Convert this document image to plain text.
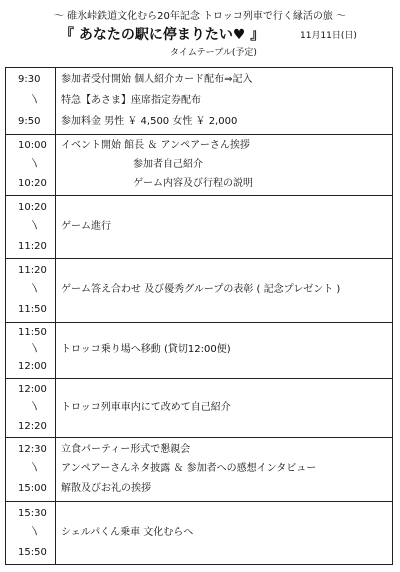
～ 碓氷峠鉄道文化むら20年記念 トロッコ列車で行く縁活の旅 ～
『 あなたの駅に停まりたい♥ 』	11月11日(日)
タイムテーブル(予定)
9:30
〵
9:50
参加者受付開始 個人紹介カード配布⇒記入
特急【あさま】座席指定券配布
参加料金 男性 ￥ 4,500 女性 ￥ 2,000
10:00
〵
10:20
イベント開始 館長 ＆ アンペアーさん挨拶
参加者自己紹介
ゲーム内容及び行程の説明
10:20
〵
11:20
ゲーム進行
11:20
〵
11:50
ゲーム答え合わせ 及び優秀グループの表彰 ( 記念プレゼント )
11:50
〵
12:00
トロッコ乗り場へ移動 (貸切12:00便)
12:00
〵
12:20
トロッコ列車車内にて改めて自己紹介
12:30
〵
15:00
立食パーティー形式で懇親会
アンペアーさんネタ披露 ＆ 参加者への感想インタビュー
解散及びお礼の挨拶
15:30
〵
15:50
シェルパくん乗車 文化むらへ
